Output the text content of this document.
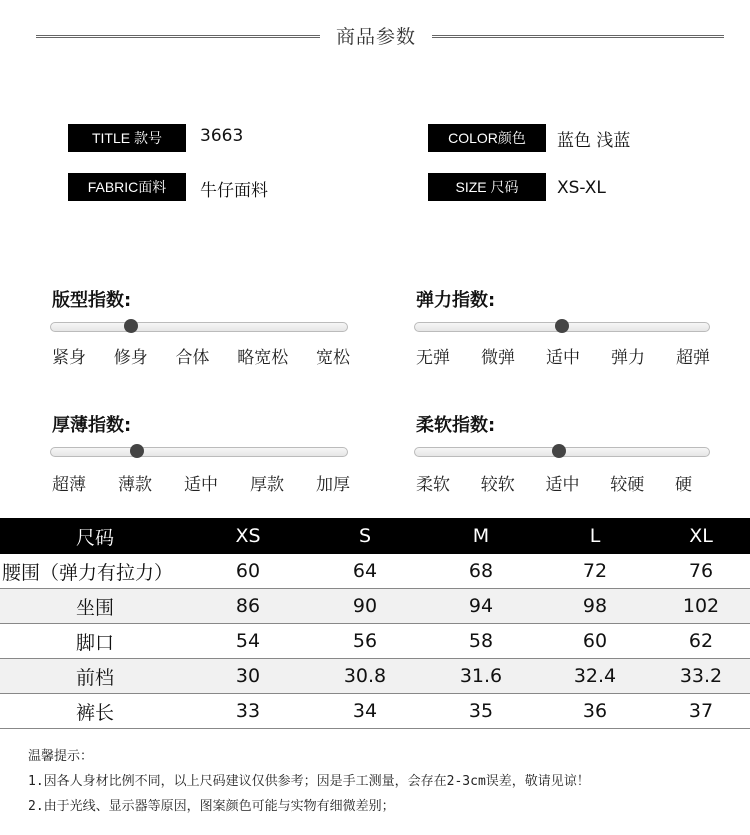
商品参数
TITLE 款号	3663	COLOR颜色	蓝色 浅蓝
FABRIC面料	牛仔面料	SIZE 尺码	XS-XL
版型指数:
紧身 修身 合体 略宽松 宽松
弹力指数:
无弹 微弹 适中 弹力 超弹
厚薄指数:
超薄 薄款 适中 厚款 加厚
柔软指数:
柔软 较软 适中 较硬 硬
尺码	XS	S	M	L	XL
腰围（弹力有拉力）	60	64	68	72	76
坐围	86	90	94	98	102
脚口	54	56	58	60	62
前档	30	30.8	31.6	32.4	33.2
裤长	33	34	35	36	37
温馨提示：
1.因各人身材比例不同，以上尺码建议仅供参考；因是手工测量，会存在2-3cm误差，敬请见谅！
2.由于光线、显示器等原因，图案颜色可能与实物有细微差别；
